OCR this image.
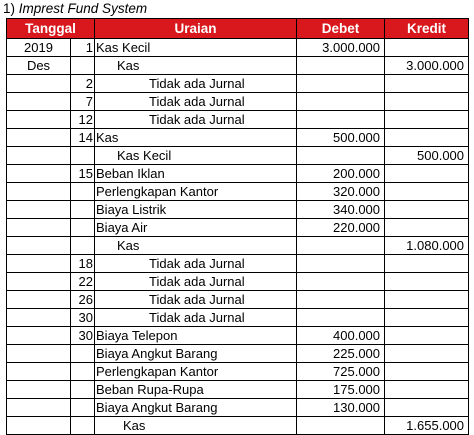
1) Imprest Fund System
Tanggal		Uraian	Debet	Kredit
2019	1	Kas Kecil	3.000.000	
Des		Kas		3.000.000
	2	Tidak ada Jurnal		
	7	Tidak ada Jurnal		
	12	Tidak ada Jurnal		
	14	Kas	500.000	
		Kas Kecil		500.000
	15	Beban Iklan	200.000	
		Perlengkapan Kantor	320.000	
		Biaya Listrik	340.000	
		Biaya Air	220.000	
		Kas		1.080.000
	18	Tidak ada Jurnal		
	22	Tidak ada Jurnal		
	26	Tidak ada Jurnal		
	30	Tidak ada Jurnal		
	30	Biaya Telepon	400.000	
		Biaya Angkut Barang	225.000	
		Perlengkapan Kantor	725.000	
		Beban Rupa-Rupa	175.000	
		Biaya Angkut Barang	130.000	
		Kas		1.655.000
